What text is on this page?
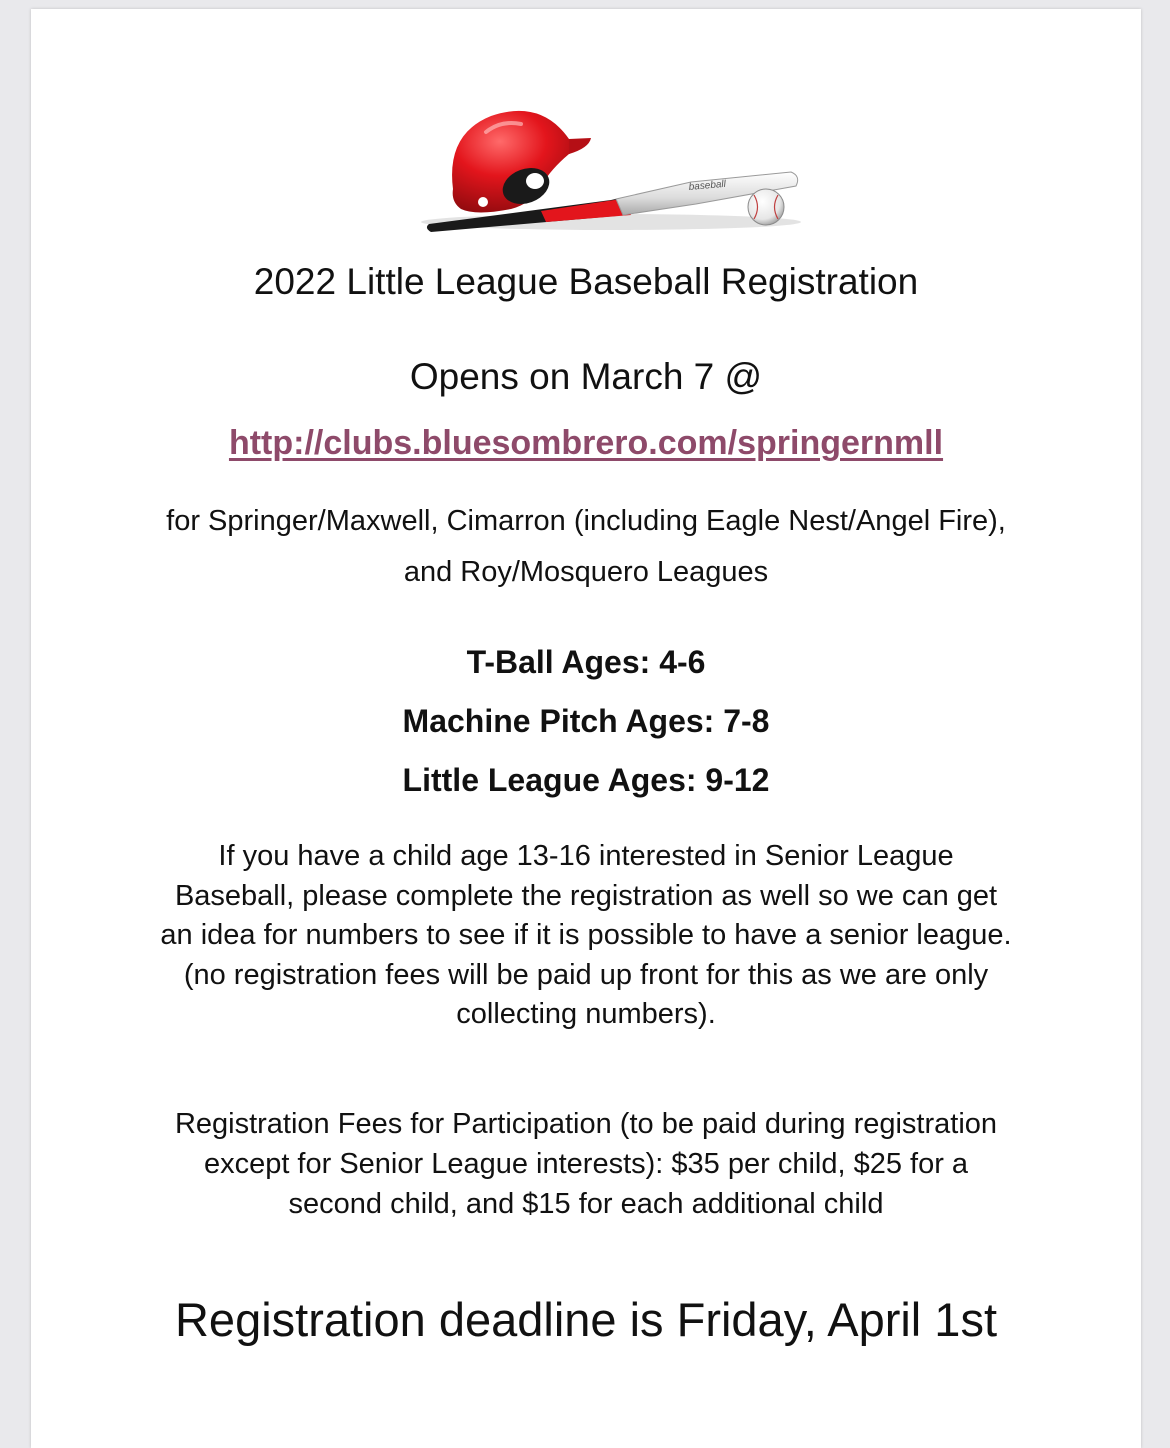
baseball

2022 Little League Baseball Registration

Opens on March 7 @

http://clubs.bluesombrero.com/springernmll

for Springer/Maxwell, Cimarron (including Eagle Nest/Angel Fire),
and Roy/Mosquero Leagues
T-Ball Ages: 4-6
Machine Pitch Ages: 7-8
Little League Ages: 9-12
If you have a child age 13-16 interested in Senior League
Baseball, please complete the registration as well so we can get
an idea for numbers to see if it is possible to have a senior league.
(no registration fees will be paid up front for this as we are only
collecting numbers).
Registration Fees for Participation (to be paid during registration
except for Senior League interests): $35 per child, $25 for a
second child, and $15 for each additional child

Registration deadline is Friday, April 1st
